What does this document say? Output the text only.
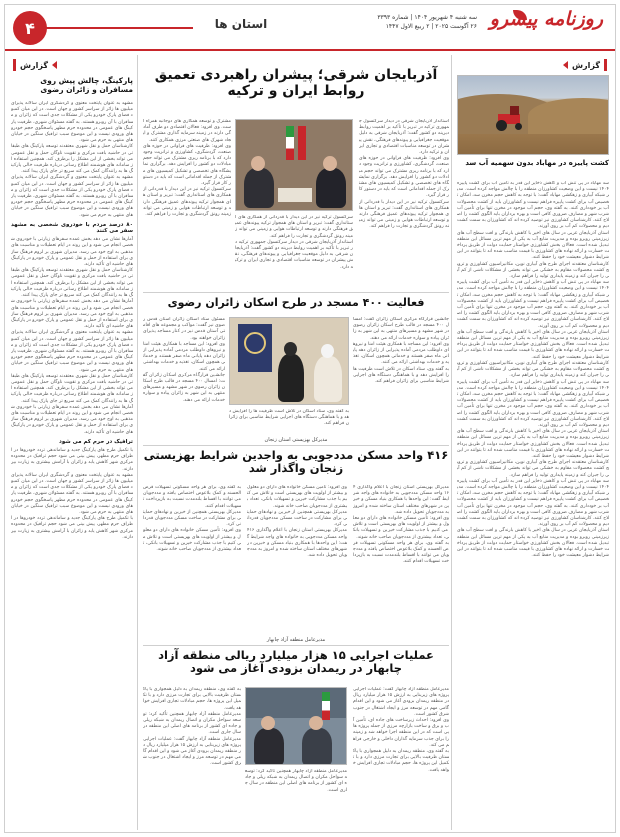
روزنامه پیشرو
سه شنبه ۴ شهریور ۱۴۰۴ | شماره ۳۳۹۳
۲۶ آگوست ۲۰۲۵ | ۲ ربیع الاول ۱۴۴۷
استان ها
۴
گزارش
کشت پاییزه در مهاباد بدون سهمیه آب سد

سد مهاباد در پی تنش آب و کاهش ذخایر این قدر به تأمین آب برای کشت پاییزه ۱۴۰۴ نیست و این وضعیت کشاورزان منطقه را با چالش مواجه کرده است. مدیر شبکه آبیاری و زهکشی مهاباد گفت: با توجه به کاهش حجم مخزن سد، امکان تخصیص آب برای کشت پاییزه فراهم نیست و کشاورزان باید از کشت محصولات آب بر خودداری کنند. به گفته وی، حجم آب موجود در مخزن تنها برای تأمین آب شرب شهر و مصارف ضروری کافی است و بهره برداران باید الگوی کشت را اصلاح کنند. کارشناسان کشاورزی نیز توصیه کرده اند که کشاورزان به سمت کشت دیم و محصولات کم آب بر روی آورند.

استان آذربایجان غربی در سال های اخیر با کاهش بارندگی و افت سطح آب های زیرزمینی روبرو بوده و مدیریت منابع آب به یکی از مهم ترین مسائل این منطقه تبدیل شده است. فعالان بخش کشاورزی خواستار حمایت دولت از طریق پرداخت خسارت و ارائه نهاده های کشاورزی با قیمت مناسب شده اند تا بتوانند در این شرایط دشوار معیشت خود را حفظ کنند.

کارشناسان معتقدند اجرای طرح های آبیاری نوین، مکانیزاسیون کشاورزی و ترویج کشت محصولات مقاوم به خشکی می تواند بخشی از مشکلات ناشی از کم آبی را جبران کند و زمینه پایداری تولید را فراهم سازد.

سد مهاباد در پی تنش آب و کاهش ذخایر این قدر به تأمین آب برای کشت پاییزه ۱۴۰۴ نیست و این وضعیت کشاورزان منطقه را با چالش مواجه کرده است. مدیر شبکه آبیاری و زهکشی مهاباد گفت: با توجه به کاهش حجم مخزن سد، امکان تخصیص آب برای کشت پاییزه فراهم نیست و کشاورزان باید از کشت محصولات آب بر خودداری کنند. به گفته وی، حجم آب موجود در مخزن تنها برای تأمین آب شرب شهر و مصارف ضروری کافی است و بهره برداران باید الگوی کشت را اصلاح کنند. کارشناسان کشاورزی نیز توصیه کرده اند که کشاورزان به سمت کشت دیم و محصولات کم آب بر روی آورند.

استان آذربایجان غربی در سال های اخیر با کاهش بارندگی و افت سطح آب های زیرزمینی روبرو بوده و مدیریت منابع آب به یکی از مهم ترین مسائل این منطقه تبدیل شده است. فعالان بخش کشاورزی خواستار حمایت دولت از طریق پرداخت خسارت و ارائه نهاده های کشاورزی با قیمت مناسب شده اند تا بتوانند در این شرایط دشوار معیشت خود را حفظ کنند.

کارشناسان معتقدند اجرای طرح های آبیاری نوین، مکانیزاسیون کشاورزی و ترویج کشت محصولات مقاوم به خشکی می تواند بخشی از مشکلات ناشی از کم آبی را جبران کند و زمینه پایداری تولید را فراهم سازد.

سد مهاباد در پی تنش آب و کاهش ذخایر این قدر به تأمین آب برای کشت پاییزه ۱۴۰۴ نیست و این وضعیت کشاورزان منطقه را با چالش مواجه کرده است. مدیر شبکه آبیاری و زهکشی مهاباد گفت: با توجه به کاهش حجم مخزن سد، امکان تخصیص آب برای کشت پاییزه فراهم نیست و کشاورزان باید از کشت محصولات آب بر خودداری کنند. به گفته وی، حجم آب موجود در مخزن تنها برای تأمین آب شرب شهر و مصارف ضروری کافی است و بهره برداران باید الگوی کشت را اصلاح کنند. کارشناسان کشاورزی نیز توصیه کرده اند که کشاورزان به سمت کشت دیم و محصولات کم آب بر روی آورند.

استان آذربایجان غربی در سال های اخیر با کاهش بارندگی و افت سطح آب های زیرزمینی روبرو بوده و مدیریت منابع آب به یکی از مهم ترین مسائل این منطقه تبدیل شده است. فعالان بخش کشاورزی خواستار حمایت دولت از طریق پرداخت خسارت و ارائه نهاده های کشاورزی با قیمت مناسب شده اند تا بتوانند در این شرایط دشوار معیشت خود را حفظ کنند.

کارشناسان معتقدند اجرای طرح های آبیاری نوین، مکانیزاسیون کشاورزی و ترویج کشت محصولات مقاوم به خشکی می تواند بخشی از مشکلات ناشی از کم آبی را جبران کند و زمینه پایداری تولید را فراهم سازد.

سد مهاباد در پی تنش آب و کاهش ذخایر این قدر به تأمین آب برای کشت پاییزه ۱۴۰۴ نیست و این وضعیت کشاورزان منطقه را با چالش مواجه کرده است. مدیر شبکه آبیاری و زهکشی مهاباد گفت: با توجه به کاهش حجم مخزن سد، امکان تخصیص آب برای کشت پاییزه فراهم نیست و کشاورزان باید از کشت محصولات آب بر خودداری کنند. به گفته وی، حجم آب موجود در مخزن تنها برای تأمین آب شرب شهر و مصارف ضروری کافی است و بهره برداران باید الگوی کشت را اصلاح کنند. کارشناسان کشاورزی نیز توصیه کرده اند که کشاورزان به سمت کشت دیم و محصولات کم آب بر روی آورند.

استان آذربایجان غربی در سال های اخیر با کاهش بارندگی و افت سطح آب های زیرزمینی روبرو بوده و مدیریت منابع آب به یکی از مهم ترین مسائل این منطقه تبدیل شده است. فعالان بخش کشاورزی خواستار حمایت دولت از طریق پرداخت خسارت و ارائه نهاده های کشاورزی با قیمت مناسب شده اند تا بتوانند در این شرایط دشوار معیشت خود را حفظ کنند.

گزارش
پارکینگ، چالش پیش روی مسافران و زائران رضوی

مشهد به عنوان پایتخت معنوی و گردشگری ایران سالانه پذیرای میلیون ها زائر از سراسر کشور و جهان است. در این میان کمبود فضای پارک خودرو یکی از مشکلات جدی است که زائران و مسافران با آن روبرو هستند. به گفته مسئولان شهری، ظرفیت پارکینگ های عمومی در محدوده حرم مطهر پاسخگوی حجم خودروهای ورودی نیست و این موضوع سبب ترافیک سنگین در خیابان های منتهی به حرم می شود.

کارشناسان حمل و نقل شهری معتقدند توسعه پارکینگ های طبقاتی در حاشیه بافت مرکزی و تقویت ناوگان حمل و نقل عمومی می تواند بخشی از این مشکل را برطرف کند. همچنین استفاده از سامانه های هوشمند اطلاع رسانی درباره ظرفیت خالی پارکینگ ها به رانندگان کمک می کند سریع تر جای پارک پیدا کنند.

مشهد به عنوان پایتخت معنوی و گردشگری ایران سالانه پذیرای میلیون ها زائر از سراسر کشور و جهان است. در این میان کمبود فضای پارک خودرو یکی از مشکلات جدی است که زائران و مسافران با آن روبرو هستند. به گفته مسئولان شهری، ظرفیت پارکینگ های عمومی در محدوده حرم مطهر پاسخگوی حجم خودروهای ورودی نیست و این موضوع سبب ترافیک سنگین در خیابان های منتهی به حرم می شود.

۸۰ درصد مردم با خودروی شخصی به مشهد سفر می کنند

آمارها نشان می دهد بخش عمده سفرهای زیارتی با خودروی شخصی انجام می شود و این روند در ایام تعطیلات و مناسبت های مذهبی به اوج خود می رسد. مدیران شهری بر لزوم فرهنگ سازی برای استفاده از حمل و نقل عمومی و پارک خودرو در پارکینگ های حاشیه ای تأکید دارند.

کارشناسان حمل و نقل شهری معتقدند توسعه پارکینگ های طبقاتی در حاشیه بافت مرکزی و تقویت ناوگان حمل و نقل عمومی می تواند بخشی از این مشکل را برطرف کند. همچنین استفاده از سامانه های هوشمند اطلاع رسانی درباره ظرفیت خالی پارکینگ ها به رانندگان کمک می کند سریع تر جای پارک پیدا کنند.

آمارها نشان می دهد بخش عمده سفرهای زیارتی با خودروی شخصی انجام می شود و این روند در ایام تعطیلات و مناسبت های مذهبی به اوج خود می رسد. مدیران شهری بر لزوم فرهنگ سازی برای استفاده از حمل و نقل عمومی و پارک خودرو در پارکینگ های حاشیه ای تأکید دارند.

مشهد به عنوان پایتخت معنوی و گردشگری ایران سالانه پذیرای میلیون ها زائر از سراسر کشور و جهان است. در این میان کمبود فضای پارک خودرو یکی از مشکلات جدی است که زائران و مسافران با آن روبرو هستند. به گفته مسئولان شهری، ظرفیت پارکینگ های عمومی در محدوده حرم مطهر پاسخگوی حجم خودروهای ورودی نیست و این موضوع سبب ترافیک سنگین در خیابان های منتهی به حرم می شود.

کارشناسان حمل و نقل شهری معتقدند توسعه پارکینگ های طبقاتی در حاشیه بافت مرکزی و تقویت ناوگان حمل و نقل عمومی می تواند بخشی از این مشکل را برطرف کند. همچنین استفاده از سامانه های هوشمند اطلاع رسانی درباره ظرفیت خالی پارکینگ ها به رانندگان کمک می کند سریع تر جای پارک پیدا کنند.

آمارها نشان می دهد بخش عمده سفرهای زیارتی با خودروی شخصی انجام می شود و این روند در ایام تعطیلات و مناسبت های مذهبی به اوج خود می رسد. مدیران شهری بر لزوم فرهنگ سازی برای استفاده از حمل و نقل عمومی و پارک خودرو در پارکینگ های حاشیه ای تأکید دارند.

ترافیک در حرم کم می شود

با تکمیل طرح های پارکینگ جدید و ساماندهی تردد خودروها در اطراف حرم مطهر، پیش بینی می شود حجم ترافیک در محدوده مرکزی شهر کاهش یابد و زائران با آرامش بیشتری به زیارت بپردازند.

مشهد به عنوان پایتخت معنوی و گردشگری ایران سالانه پذیرای میلیون ها زائر از سراسر کشور و جهان است. در این میان کمبود فضای پارک خودرو یکی از مشکلات جدی است که زائران و مسافران با آن روبرو هستند. به گفته مسئولان شهری، ظرفیت پارکینگ های عمومی در محدوده حرم مطهر پاسخگوی حجم خودروهای ورودی نیست و این موضوع سبب ترافیک سنگین در خیابان های منتهی به حرم می شود.

با تکمیل طرح های پارکینگ جدید و ساماندهی تردد خودروها در اطراف حرم مطهر، پیش بینی می شود حجم ترافیک در محدوده مرکزی شهر کاهش یابد و زائران با آرامش بیشتری به زیارت بپردازند.

آذربایجان شرقی؛ پیشران راهبردی تعمیق روابط ایران و ترکیه

استاندار آذربایجان شرقی در دیدار سرکنسول جمهوری ترکیه در تبریز با تأکید بر اهمیت روابط دیرینه دو کشور گفت: آذربایجان شرقی به دلیل موقعیت جغرافیایی و پیوندهای فرهنگی، نقش پیشران در توسعه مناسبات اقتصادی و تجاری ایران و ترکیه دارد.

وی افزود: ظرفیت های فراوانی در حوزه های صنعت، گردشگری، کشاورزی و ترانزیت وجود دارد که با برنامه ریزی مشترک می تواند حجم مبادلات دو کشور را افزایش دهد. برگزاری نمایشگاه های تخصصی و تشکیل کمیسیون های مشترک از جمله اقداماتی است که باید در دستور کار قرار گیرد.

سرکنسول ترکیه نیز در این دیدار با قدردانی از همکاری های استانداری گفت: تبریز و استان های همجوار ترکیه پیوندهای عمیق فرهنگی دارند و توسعه ارتباطات هوایی و زمینی می تواند زمینه رونق گردشگری و تجارت را فراهم کند.

مشترک و توسعه همکاری های دوجانبه همراه است. وی افزود: فعالان اقتصادی دو طرف آمادگی دارند در زمینه سرمایه گذاری مشترک و ایجاد شهرک های صنعتی مرزی همکاری کنند.

وی افزود: ظرفیت های فراوانی در حوزه های صنعت، گردشگری، کشاورزی و ترانزیت وجود دارد که با برنامه ریزی مشترک می تواند حجم مبادلات دو کشور را افزایش دهد. برگزاری نمایشگاه های تخصصی و تشکیل کمیسیون های مشترک از جمله اقداماتی است که باید در دستور کار قرار گیرد.

سرکنسول ترکیه نیز در این دیدار با قدردانی از همکاری های استانداری گفت: تبریز و استان های همجوار ترکیه پیوندهای عمیق فرهنگی دارند و توسعه ارتباطات هوایی و زمینی می تواند زمینه رونق گردشگری و تجارت را فراهم کند.

سرکنسول ترکیه نیز در این دیدار با قدردانی از همکاری های استانداری گفت: تبریز و استان های همجوار ترکیه پیوندهای عمیق فرهنگی دارند و توسعه ارتباطات هوایی و زمینی می تواند زمینه رونق گردشگری و تجارت را فراهم کند.

استاندار آذربایجان شرقی در دیدار سرکنسول جمهوری ترکیه در تبریز با تأکید بر اهمیت روابط دیرینه دو کشور گفت: آذربایجان شرقی به دلیل موقعیت جغرافیایی و پیوندهای فرهنگی، نقش پیشران در توسعه مناسبات اقتصادی و تجاری ایران و ترکیه دارد.

فعالیت ۴۰۰ مسجد در طرح اسکان زائران رضوی

جانشین قرارگاه مرکزی اسکان زائران گفت: امسال ۴۰۰ مسجد در قالب طرح اسکان زائران رضوی در شهر مشهد و مسیرهای منتهی به این شهر به زائران پیاده و سواره خدمات ارائه می دهند.

وی افزود: این مساجد با همکاری هیئت امنا و نیروهای داوطلب مردمی آماده پذیرایی از زائران دهه پایانی ماه صفر هستند و خدماتی همچون اسکان، تغذیه و خدمات بهداشتی ارائه می کنند.

به گفته وی، ستاد اسکان در تلاش است ظرفیت ها را افزایش دهد و با هماهنگی دستگاه های اجرایی شرایط مناسبی برای زائران فراهم کند.

مسئول ستاد اسکان زائران آستان قدس رضوی نیز گفت: مواکب و مجموعه های اقامتی آستان قدس نیز در کنار مساجد پذیرای زائران خواهند بود.

وی افزود: این مساجد با همکاری هیئت امنا و نیروهای داوطلب مردمی آماده پذیرایی از زائران دهه پایانی ماه صفر هستند و خدماتی همچون اسکان، تغذیه و خدمات بهداشتی ارائه می کنند.

جانشین قرارگاه مرکزی اسکان زائران گفت: امسال ۴۰۰ مسجد در قالب طرح اسکان زائران رضوی در شهر مشهد و مسیرهای منتهی به این شهر به زائران پیاده و سواره خدمات ارائه می دهند.

به گفته وی، ستاد اسکان در تلاش است ظرفیت ها را افزایش دهد و با هماهنگی دستگاه های اجرایی شرایط مناسبی برای زائران فراهم کند.

مدیرکل بهزیستی استان زنجان
۴۱۶ واحد مسکن مددجویی به واجدین شرایط بهزیستی زنجان واگذار شد

مدیرکل بهزیستی استان زنجان با اعلام واگذاری ۴۱۶ واحد مسکن مددجویی به خانواده های واجد شرایط گفت: این واحدها با همکاری بنیاد مسکن و خیرین در شهرهای مختلف استان ساخته شده و امروز به مددجویان تحویل داده شد.

وی افزود: تأمین مسکن خانواده های دارای دو معلول و بیشتر از اولویت های بهزیستی است و تلاش می کنیم با جذب مشارکت خیرین و تسهیلات بانکی، تعداد بیشتری از مددجویان صاحب خانه شوند.

به گفته وی، برای هر واحد مسکونی تسهیلات قرض الحسنه و کمک بلاعوض اختصاص یافته و مددجویان می توانند با اقساط بلندمدت نسبت به بازپرداخت تسهیلات اقدام کنند.

وی افزود: تأمین مسکن خانواده های دارای دو معلول و بیشتر از اولویت های بهزیستی است و تلاش می کنیم با جذب مشارکت خیرین و تسهیلات بانکی، تعداد بیشتری از مددجویان صاحب خانه شوند.

مدیرکل بهزیستی همچنین از خیرین و نهادهای حمایتی برای مشارکت در ساخت مسکن مددجویان قدردانی کرد.

مدیرکل بهزیستی استان زنجان با اعلام واگذاری ۴۱۶ واحد مسکن مددجویی به خانواده های واجد شرایط گفت: این واحدها با همکاری بنیاد مسکن و خیرین در شهرهای مختلف استان ساخته شده و امروز به مددجویان تحویل داده شد.

به گفته وی، برای هر واحد مسکونی تسهیلات قرض الحسنه و کمک بلاعوض اختصاص یافته و مددجویان می توانند با اقساط بلندمدت نسبت به بازپرداخت تسهیلات اقدام کنند.

مدیرکل بهزیستی همچنین از خیرین و نهادهای حمایتی برای مشارکت در ساخت مسکن مددجویان قدردانی کرد.

وی افزود: تأمین مسکن خانواده های دارای دو معلول و بیشتر از اولویت های بهزیستی است و تلاش می کنیم با جذب مشارکت خیرین و تسهیلات بانکی، تعداد بیشتری از مددجویان صاحب خانه شوند.

مدیرعامل منطقه آزاد چابهار
عملیات اجرایی ۱۵ هزار میلیارد ریالی منطقه آزاد چابهار در ریمدان بزودی آغاز می شود

مدیرعامل منطقه آزاد چابهار گفت: عملیات اجرایی پروژه های زیربنایی به ارزش ۱۵ هزار میلیارد ریال در منطقه ریمدان بزودی آغاز می شود و این اقدام گامی مهم در توسعه مرز و ایجاد اشتغال در جنوب شرق کشور است.

وی افزود: احداث زیرساخت های جاده ای، تأمین آب و برق و ساخت بازارچه مرزی از جمله پروژه هایی است که در این منطقه اجرا خواهد شد و زمینه را برای جذب سرمایه گذاران داخلی و خارجی فراهم می کند.

به گفته وی، منطقه ریمدان به دلیل همجواری با پاکستان ظرفیت بالایی برای تجارت مرزی دارد و با تکمیل این پروژه ها، حجم مبادلات تجاری افزایش خواهد یافت.

مدیرعامل منطقه آزاد چابهار همچنین تأکید کرد: توسعه سواحل مکران و اتصال ریمدان به شبکه ریلی و جاده ای کشور از برنامه های اصلی این منطقه در سال جاری است.

به گفته وی، منطقه ریمدان به دلیل همجواری با پاکستان ظرفیت بالایی برای تجارت مرزی دارد و با تکمیل این پروژه ها، حجم مبادلات تجاری افزایش خواهد یافت.

مدیرعامل منطقه آزاد چابهار همچنین تأکید کرد: توسعه سواحل مکران و اتصال ریمدان به شبکه ریلی و جاده ای کشور از برنامه های اصلی این منطقه در سال جاری است.

مدیرعامل منطقه آزاد چابهار گفت: عملیات اجرایی پروژه های زیربنایی به ارزش ۱۵ هزار میلیارد ریال در منطقه ریمدان بزودی آغاز می شود و این اقدام گامی مهم در توسعه مرز و ایجاد اشتغال در جنوب شرق کشور است.
